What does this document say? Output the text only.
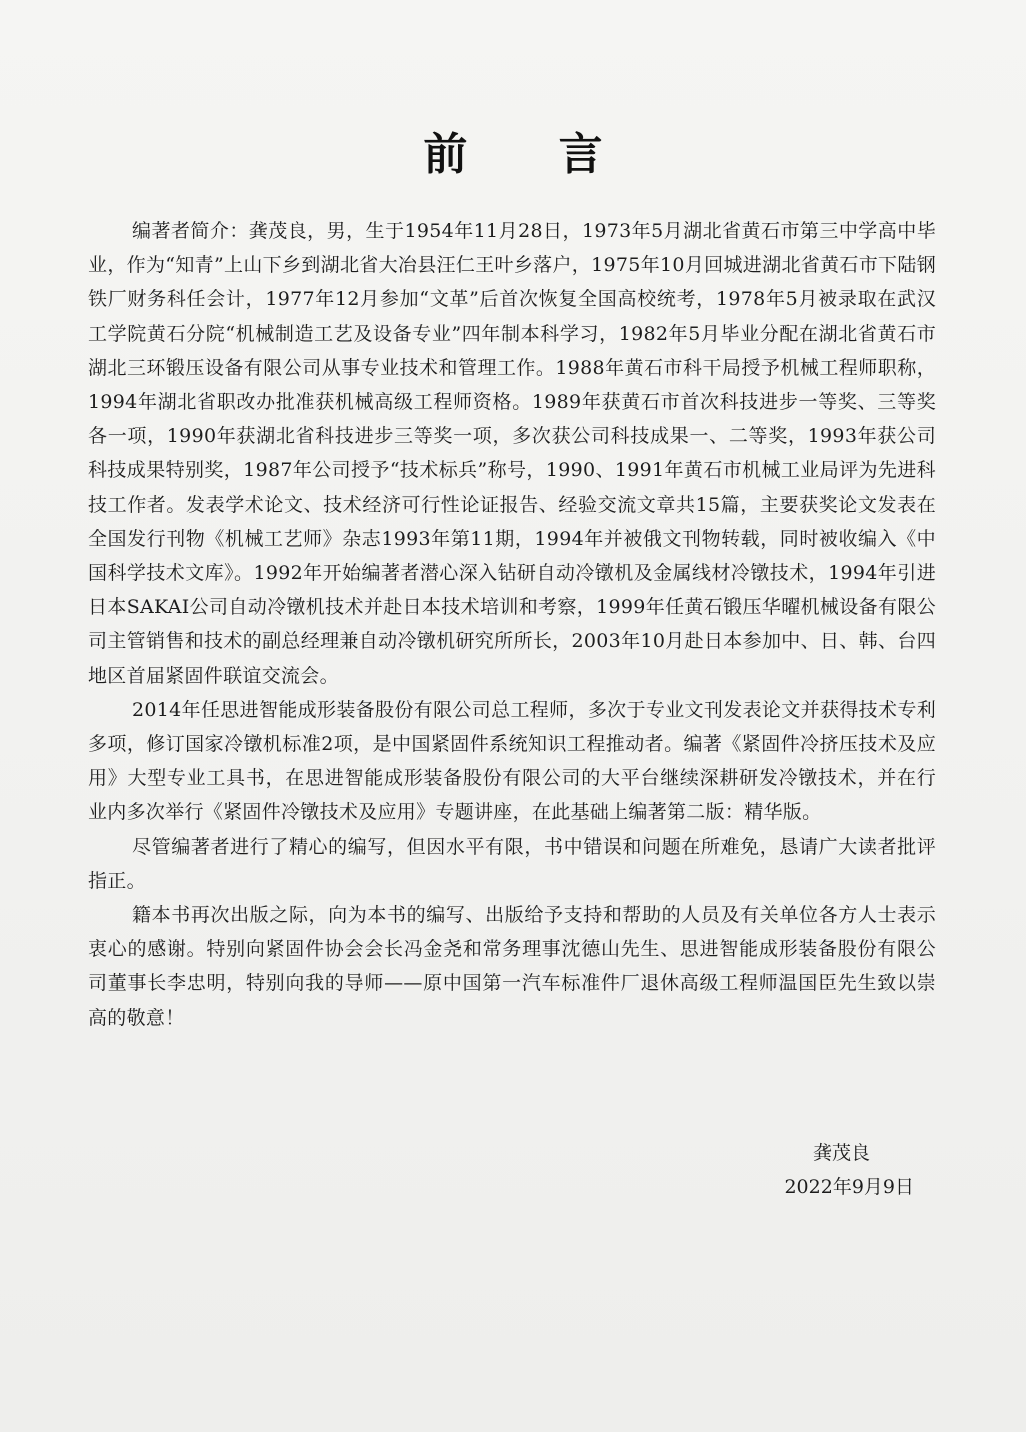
前 言

编著者简介：龚茂良，男，生于1954年11月28日，1973年5月湖北省黄石市第三中学高中毕业，作为“知青”上山下乡到湖北省大冶县汪仁王叶乡落户，1975年10月回城进湖北省黄石市下陆钢铁厂财务科任会计，1977年12月参加“文革”后首次恢复全国高校统考，1978年5月被录取在武汉工学院黄石分院“机械制造工艺及设备专业”四年制本科学习，1982年5月毕业分配在湖北省黄石市湖北三环锻压设备有限公司从事专业技术和管理工作。1988年黄石市科干局授予机械工程师职称，1994年湖北省职改办批准获机械高级工程师资格。1989年获黄石市首次科技进步一等奖、三等奖各一项，1990年获湖北省科技进步三等奖一项，多次获公司科技成果一、二等奖，1993年获公司科技成果特别奖，1987年公司授予“技术标兵”称号，1990、1991年黄石市机械工业局评为先进科技工作者。发表学术论文、技术经济可行性论证报告、经验交流文章共15篇，主要获奖论文发表在全国发行刊物《机械工艺师》杂志1993年第11期，1994年并被俄文刊物转载，同时被收编入《中国科学技术文库》。1992年开始编著者潜心深入钻研自动冷镦机及金属线材冷镦技术，1994年引进日本SAKAI公司自动冷镦机技术并赴日本技术培训和考察，1999年任黄石锻压华曜机械设备有限公司主管销售和技术的副总经理兼自动冷镦机研究所所长，2003年10月赴日本参加中、日、韩、台四地区首届紧固件联谊交流会。

2014年任思进智能成形装备股份有限公司总工程师，多次于专业文刊发表论文并获得技术专利多项，修订国家冷镦机标准2项，是中国紧固件系统知识工程推动者。编著《紧固件冷挤压技术及应用》大型专业工具书，在思进智能成形装备股份有限公司的大平台继续深耕研发冷镦技术，并在行业内多次举行《紧固件冷镦技术及应用》专题讲座，在此基础上编著第二版：精华版。

尽管编著者进行了精心的编写，但因水平有限，书中错误和问题在所难免，恳请广大读者批评指正。

籍本书再次出版之际，向为本书的编写、出版给予支持和帮助的人员及有关单位各方人士表示衷心的感谢。特别向紧固件协会会长冯金尧和常务理事沈德山先生、思进智能成形装备股份有限公司董事长李忠明，特别向我的导师——原中国第一汽车标准件厂退休高级工程师温国臣先生致以崇高的敬意！

龚茂良
2022年9月9日
